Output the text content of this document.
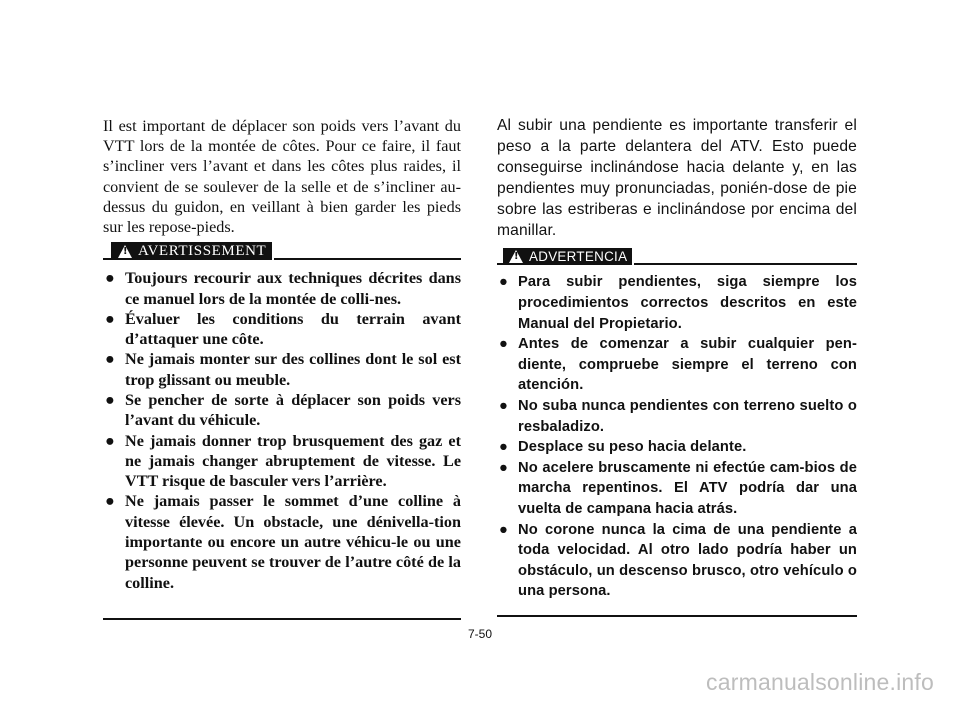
Il est important de déplacer son poids vers l’avant du VTT lors de la montée de côtes. Pour ce faire, il faut s’incliner vers l’avant et dans les côtes plus raides, il convient de se soulever de la selle et de s’incliner au-dessus du guidon, en veillant à bien garder les pieds sur les repose-pieds.

!
AVERTISSEMENT
● Toujours recourir aux techniques décrites dans ce manuel lors de la montée de colli-nes.
● Évaluer les conditions du terrain avant d’attaquer une côte.
● Ne jamais monter sur des collines dont le sol est trop glissant ou meuble.
● Se pencher de sorte à déplacer son poids vers l’avant du véhicule.
● Ne jamais donner trop brusquement des gaz et ne jamais changer abruptement de vitesse. Le VTT risque de basculer vers l’arrière.
● Ne jamais passer le sommet d’une colline à vitesse élevée. Un obstacle, une dénivella-tion importante ou encore un autre véhicu-le ou une personne peuvent se trouver de l’autre côté de la colline.

Al subir una pendiente es importante transferir el peso a la parte delantera del ATV. Esto puede conseguirse inclinándose hacia delante y, en las pendientes muy pronunciadas, ponién-dose de pie sobre las estriberas e inclinándose por encima del manillar.

!
ADVERTENCIA
● Para subir pendientes, siga siempre los procedimientos correctos descritos en este Manual del Propietario.
● Antes de comenzar a subir cualquier pen-diente, compruebe siempre el terreno con atención.
● No suba nunca pendientes con terreno suelto o resbaladizo.
● Desplace su peso hacia delante.
● No acelere bruscamente ni efectúe cam-bios de marcha repentinos. El ATV podría dar una vuelta de campana hacia atrás.
● No corone nunca la cima de una pendiente a toda velocidad. Al otro lado podría haber un obstáculo, un descenso brusco, otro vehículo o una persona.
7-50
carmanualsonline.info
